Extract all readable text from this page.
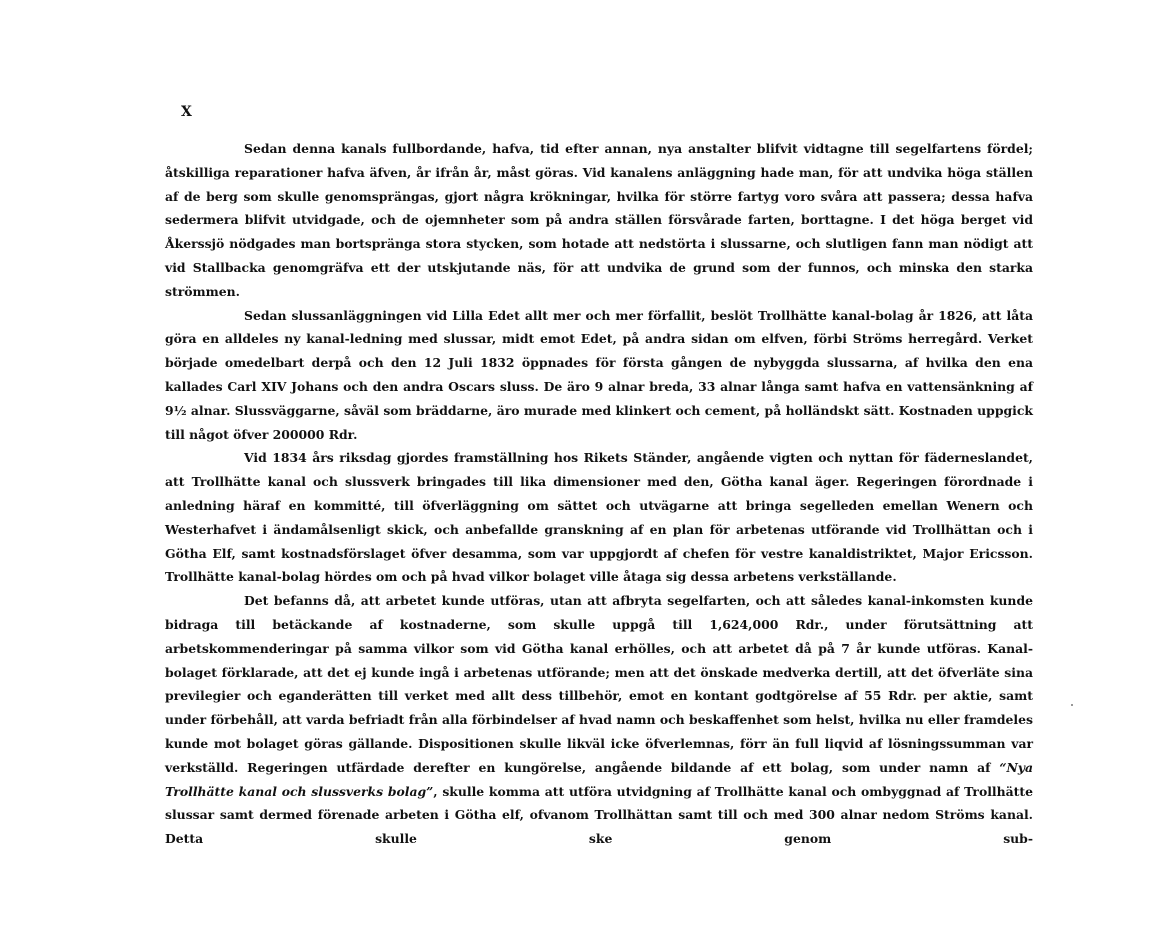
X

Sedan denna kanals fullbordande, hafva, tid efter annan, nya anstalter blifvit vidtagne till segelfartens fördel; åtskilliga reparationer hafva äfven, år ifrån år, måst göras. Vid kanalens anläggning hade man, för att undvika höga ställen af de berg som skulle genomsprängas, gjort några krökningar, hvilka för större fartyg voro svåra att passera; dessa hafva sedermera blifvit utvidgade, och de ojemnheter som på andra ställen försvårade farten, borttagne. I det höga berget vid Åkerssjö nödgades man bortspränga stora stycken, som hotade att nedstörta i slussarne, och slutligen fann man nödigt att vid Stallbacka genomgräfva ett der utskjutande näs, för att undvika de grund som der funnos, och minska den starka strömmen.

Sedan slussanläggningen vid Lilla Edet allt mer och mer förfallit, beslöt Trollhätte kanal-bolag år 1826, att låta göra en alldeles ny kanal-ledning med slussar, midt emot Edet, på andra sidan om elfven, förbi Ströms herregård. Verket började omedelbart derpå och den 12 Juli 1832 öppnades för första gången de nybyggda slussarna, af hvilka den ena kallades Carl XIV Johans och den andra Oscars sluss. De äro 9 alnar breda, 33 alnar långa samt hafva en vattensänkning af 9½ alnar. Slussväggarne, såväl som bräddarne, äro murade med klinkert och cement, på holländskt sätt. Kostnaden uppgick till något öfver 200000 Rdr.

Vid 1834 års riksdag gjordes framställning hos Rikets Ständer, angående vigten och nyttan för fäderneslandet, att Trollhätte kanal och slussverk bringades till lika dimensioner med den, Götha kanal äger. Regeringen förordnade i anledning häraf en kommitté, till öfverläggning om sättet och utvägarne att bringa segelleden emellan Wenern och Westerhafvet i ändamålsenligt skick, och anbefallde granskning af en plan för arbetenas utförande vid Trollhättan och i Götha Elf, samt kostnadsförslaget öfver desamma, som var uppgjordt af chefen för vestre kanaldistriktet, Major Ericsson. Trollhätte kanal-bolag hördes om och på hvad vilkor bolaget ville åtaga sig dessa arbetens verkställande.

Det befanns då, att arbetet kunde utföras, utan att afbryta segelfarten, och att således kanal-inkomsten kunde bidraga till betäckande af kostnaderne, som skulle uppgå till 1,624,000 Rdr., under förutsättning att arbetskommenderingar på samma vilkor som vid Götha kanal erhölles, och att arbetet då på 7 år kunde utföras. Kanal-bolaget förklarade, att det ej kunde ingå i arbetenas utförande; men att det önskade medverka dertill, att det öfverläte sina previlegier och eganderätten till verket med allt dess tillbehör, emot en kontant godtgörelse af 55 Rdr. per aktie, samt under förbehåll, att varda befriadt från alla förbindelser af hvad namn och beskaffenhet som helst, hvilka nu eller framdeles kunde mot bolaget göras gällande. Dispositionen skulle likväl icke öfverlemnas, förr än full liqvid af lösningssumman var verkställd. Regeringen utfärdade derefter en kungörelse, angående bildande af ett bolag, som under namn af “Nya Trollhätte kanal och slussverks bolag”, skulle komma att utföra utvidgning af Trollhätte kanal och ombyggnad af Trollhätte slussar samt dermed förenade arbeten i Götha elf, ofvanom Trollhättan samt till och med 300 alnar nedom Ströms kanal. Detta skulle ske genom sub-
